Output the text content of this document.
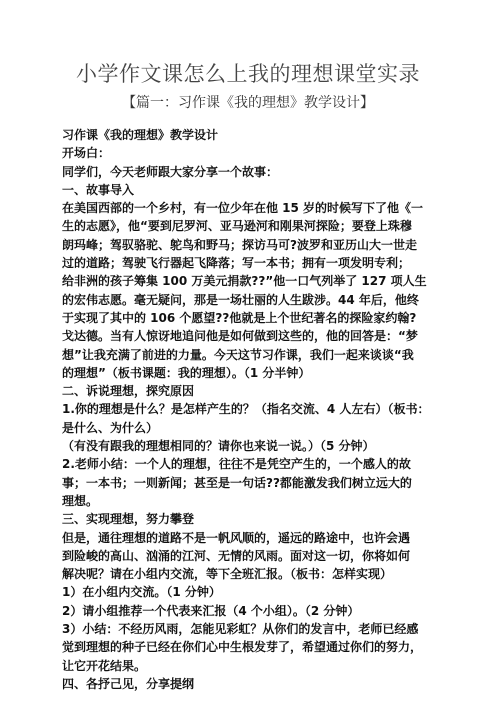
小学作文课怎么上我的理想课堂实录
【篇一：习作课《我的理想》教学设计】

习作课《我的理想》教学设计

开场白：

同学们，今天老师跟大家分享一个故事：

一、故事导入

在美国西部的一个乡村，有一位少年在他 15 岁的时候写下了他《一

生的志愿》，他“要到尼罗河、亚马逊河和刚果河探险；要登上珠穆

朗玛峰；驾驭骆驼、鸵鸟和野马；探访马可?波罗和亚历山大一世走

过的道路；驾驶飞行器起飞降落；写一本书；拥有一项发明专利；

给非洲的孩子筹集 100 万美元捐款??”他一口气列举了 127 项人生

的宏伟志愿。毫无疑问，那是一场壮丽的人生跋涉。44 年后，他终

于实现了其中的 106 个愿望??他就是上个世纪著名的探险家约翰?

戈达德。当有人惊讶地追问他是如何做到这些的，他的回答是：“梦

想”让我充满了前进的力量。今天这节习作课，我们一起来谈谈“我

的理想”（板书课题：我的理想）。（1 分半钟）

二、诉说理想，探究原因

1.你的理想是什么？是怎样产生的？（指名交流、4 人左右）（板书：

是什么、为什么）

（有没有跟我的理想相同的？请你也来说一说。）（5 分钟）

2.老师小结：一个人的理想，往往不是凭空产生的，一个感人的故

事；一本书；一则新闻；甚至是一句话??都能激发我们树立远大的

理想。

三、实现理想，努力攀登

但是，通往理想的道路不是一帆风顺的，遥远的路途中，也许会遇

到险峻的高山、汹涌的江河、无情的风雨。面对这一切，你将如何

解决呢？请在小组内交流，等下全班汇报。（板书：怎样实现）

1）在小组内交流。（1 分钟）

2）请小组推荐一个代表来汇报（4 个小组）。（2 分钟）

3）小结：不经历风雨，怎能见彩虹？从你们的发言中，老师已经感

觉到理想的种子已经在你们心中生根发芽了，希望通过你们的努力，

让它开花结果。

四、各抒己见，分享提纲
